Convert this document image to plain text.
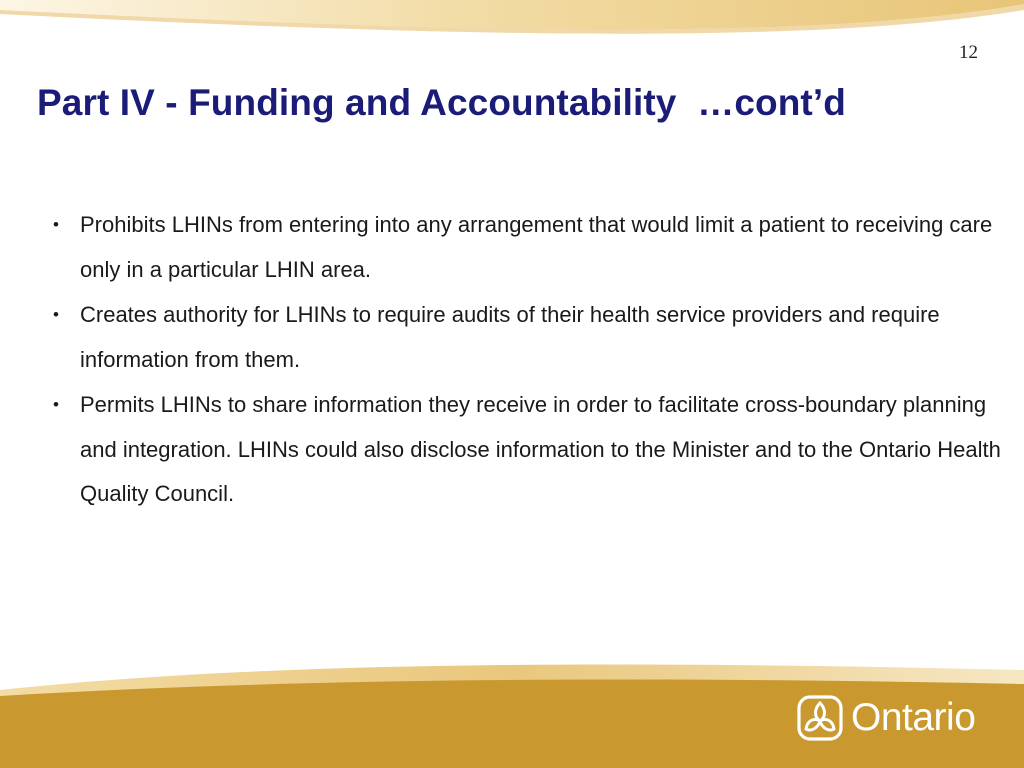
12
Part IV - Funding and Accountability  …cont’d
• Prohibits LHINs from entering into any arrangement that would limit a patient to receiving care only in a particular LHIN area.
• Creates authority for LHINs to require audits of their health service providers and require information from them.
• Permits LHINs to share information they receive in order to facilitate cross-boundary planning and integration. LHINs could also disclose information to the Minister and to the Ontario Health Quality Council.
Ontario
